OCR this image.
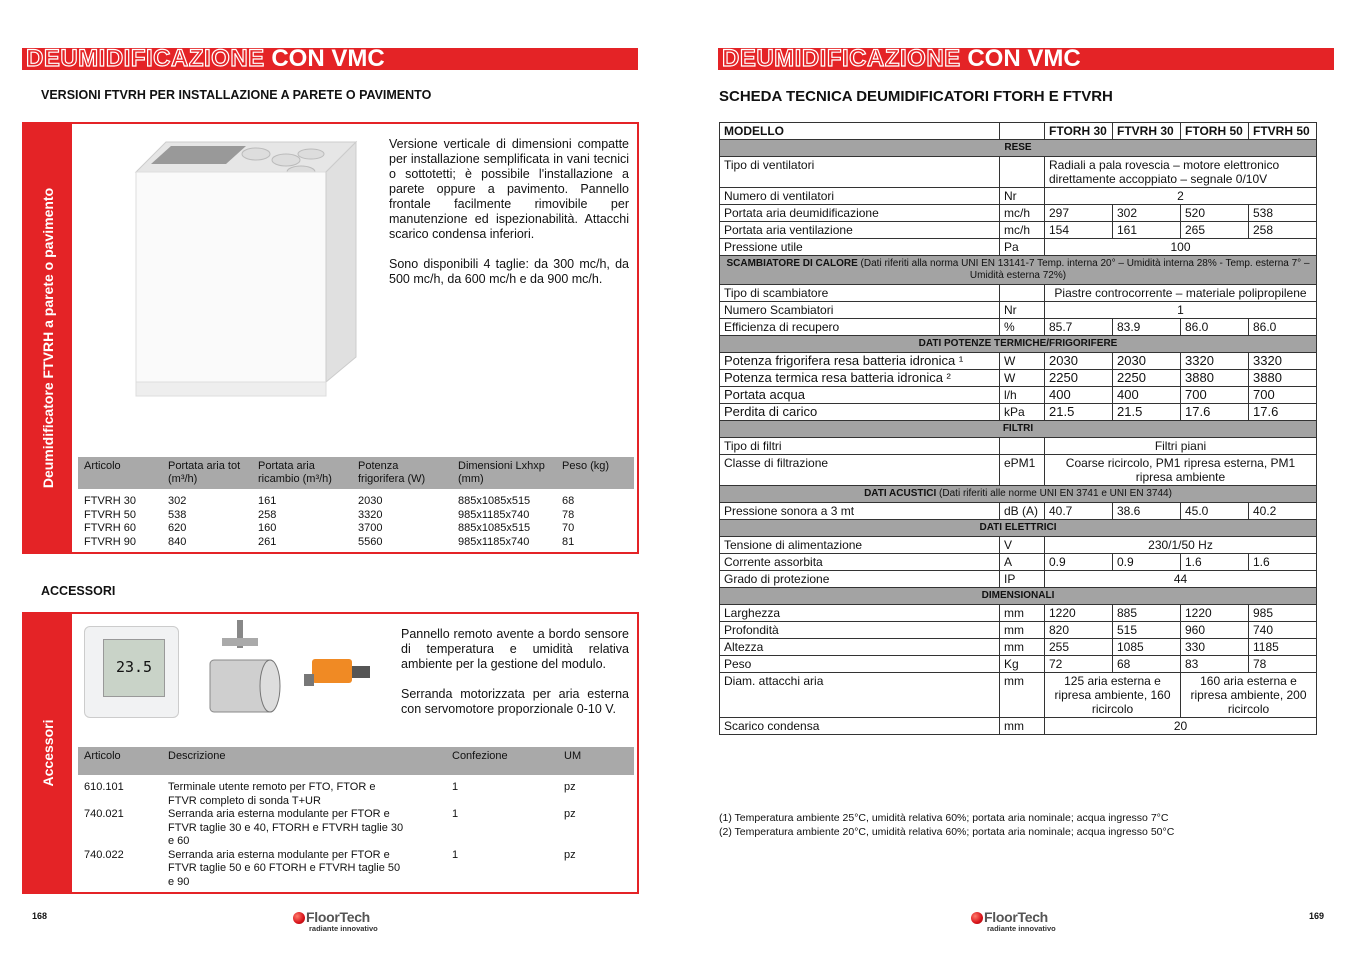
DEUMIDIFICAZIONE CON VMC
VERSIONI FTVRH PER INSTALLAZIONE A PARETE O PAVIMENTO
Deumidificatore FTVRH a parete o pavimento
Versione verticale di dimensioni compatte per installazione semplificata in vani tecnici o sottotetti; è possibile l'installazione a parete oppure a pavimento. Pannello frontale facilmente rimovibile per manutenzione ed ispezionabilità. Attacchi scarico condensa inferiori.
Sono disponibili 4 taglie: da 300 mc/h, da 500 mc/h, da 600 mc/h e da 900 mc/h.
Articolo	Portata aria tot (m³/h)	Portata aria ricambio (m³/h)	Potenza frigorifera (W)	Dimensioni Lxhxp (mm)	Peso (kg)
FTVRH 30	302	161	2030	885x1085x515	68
FTVRH 50	538	258	3320	985x1185x740	78
FTVRH 60	620	160	3700	885x1085x515	70
FTVRH 90	840	261	5560	985x1185x740	81
ACCESSORI
Accessori
23.5
Pannello remoto avente a bordo sensore di temperatura e umidità relativa ambiente per la gestione del modulo.
Serranda motorizzata per aria esterna con servomotore proporzionale 0-10 V.
Articolo	Descrizione	Confezione	UM
610.101	Terminale utente remoto per FTO, FTOR e FTVR completo di sonda T+UR	1	pz
740.021	Serranda aria esterna modulante per FTOR e FTVR taglie 30 e 40, FTORH e FTVRH taglie 30 e 60	1	pz
740.022	Serranda aria esterna modulante per FTOR e FTVR taglie 50 e 60 FTORH e FTVRH taglie 50 e 90	1	pz
168	FloorTech
radiante innovativo
DEUMIDIFICAZIONE CON VMC
SCHEDA TECNICA DEUMIDIFICATORI FTORH E FTVRH
MODELLO		FTORH 30	FTVRH 30	FTORH 50	FTVRH 50
RESE					
Tipo di ventilatori		Radiali a pala rovescia – motore elettronico direttamente accoppiato – segnale 0/10V			
Numero di ventilatori	Nr	2			
Portata aria deumidificazione	mc/h	297	302	520	538
Portata aria ventilazione	mc/h	154	161	265	258
Pressione utile	Pa	100			
SCAMBIATORE DI CALORE (Dati riferiti alla norma UNI EN 13141-7 Temp. interna 20° – Umidità interna 28% - Temp. esterna 7° – Umidità esterna 72%)					
Tipo di scambiatore		Piastre controcorrente – materiale polipropilene			
Numero Scambiatori	Nr	1			
Efficienza di recupero	%	85.7	83.9	86.0	86.0
DATI POTENZE TERMICHE/FRIGORIFERE					
Potenza frigorifera resa batteria idronica ¹	W	2030	2030	3320	3320
Potenza termica resa batteria idronica ²	W	2250	2250	3880	3880
Portata acqua	l/h	400	400	700	700
Perdita di carico	kPa	21.5	21.5	17.6	17.6
FILTRI					
Tipo di filtri		Filtri piani			
Classe di filtrazione	ePM1	Coarse ricircolo, PM1 ripresa esterna, PM1 ripresa ambiente			
DATI ACUSTICI (Dati riferiti alle norme UNI EN 3741 e UNI EN 3744)					
Pressione sonora a 3 mt	dB (A)	40.7	38.6	45.0	40.2
DATI ELETTRICI					
Tensione di alimentazione	V	230/1/50 Hz			
Corrente assorbita	A	0.9	0.9	1.6	1.6
Grado di protezione	IP	44			
DIMENSIONALI					
Larghezza	mm	1220	885	1220	985
Profondità	mm	820	515	960	740
Altezza	mm	255	1085	330	1185
Peso	Kg	72	68	83	78
Diam. attacchi aria	mm	125 aria esterna e ripresa ambiente, 160 ricircolo		160 aria esterna e ripresa ambiente, 200 ricircolo	
Scarico condensa	mm	20			
(1) Temperatura ambiente 25°C, umidità relativa 60%; portata aria nominale; acqua ingresso 7°C
(2) Temperatura ambiente 20°C, umidità relativa 60%; portata aria nominale; acqua ingresso 50°C
FloorTech
radiante innovativo
169
